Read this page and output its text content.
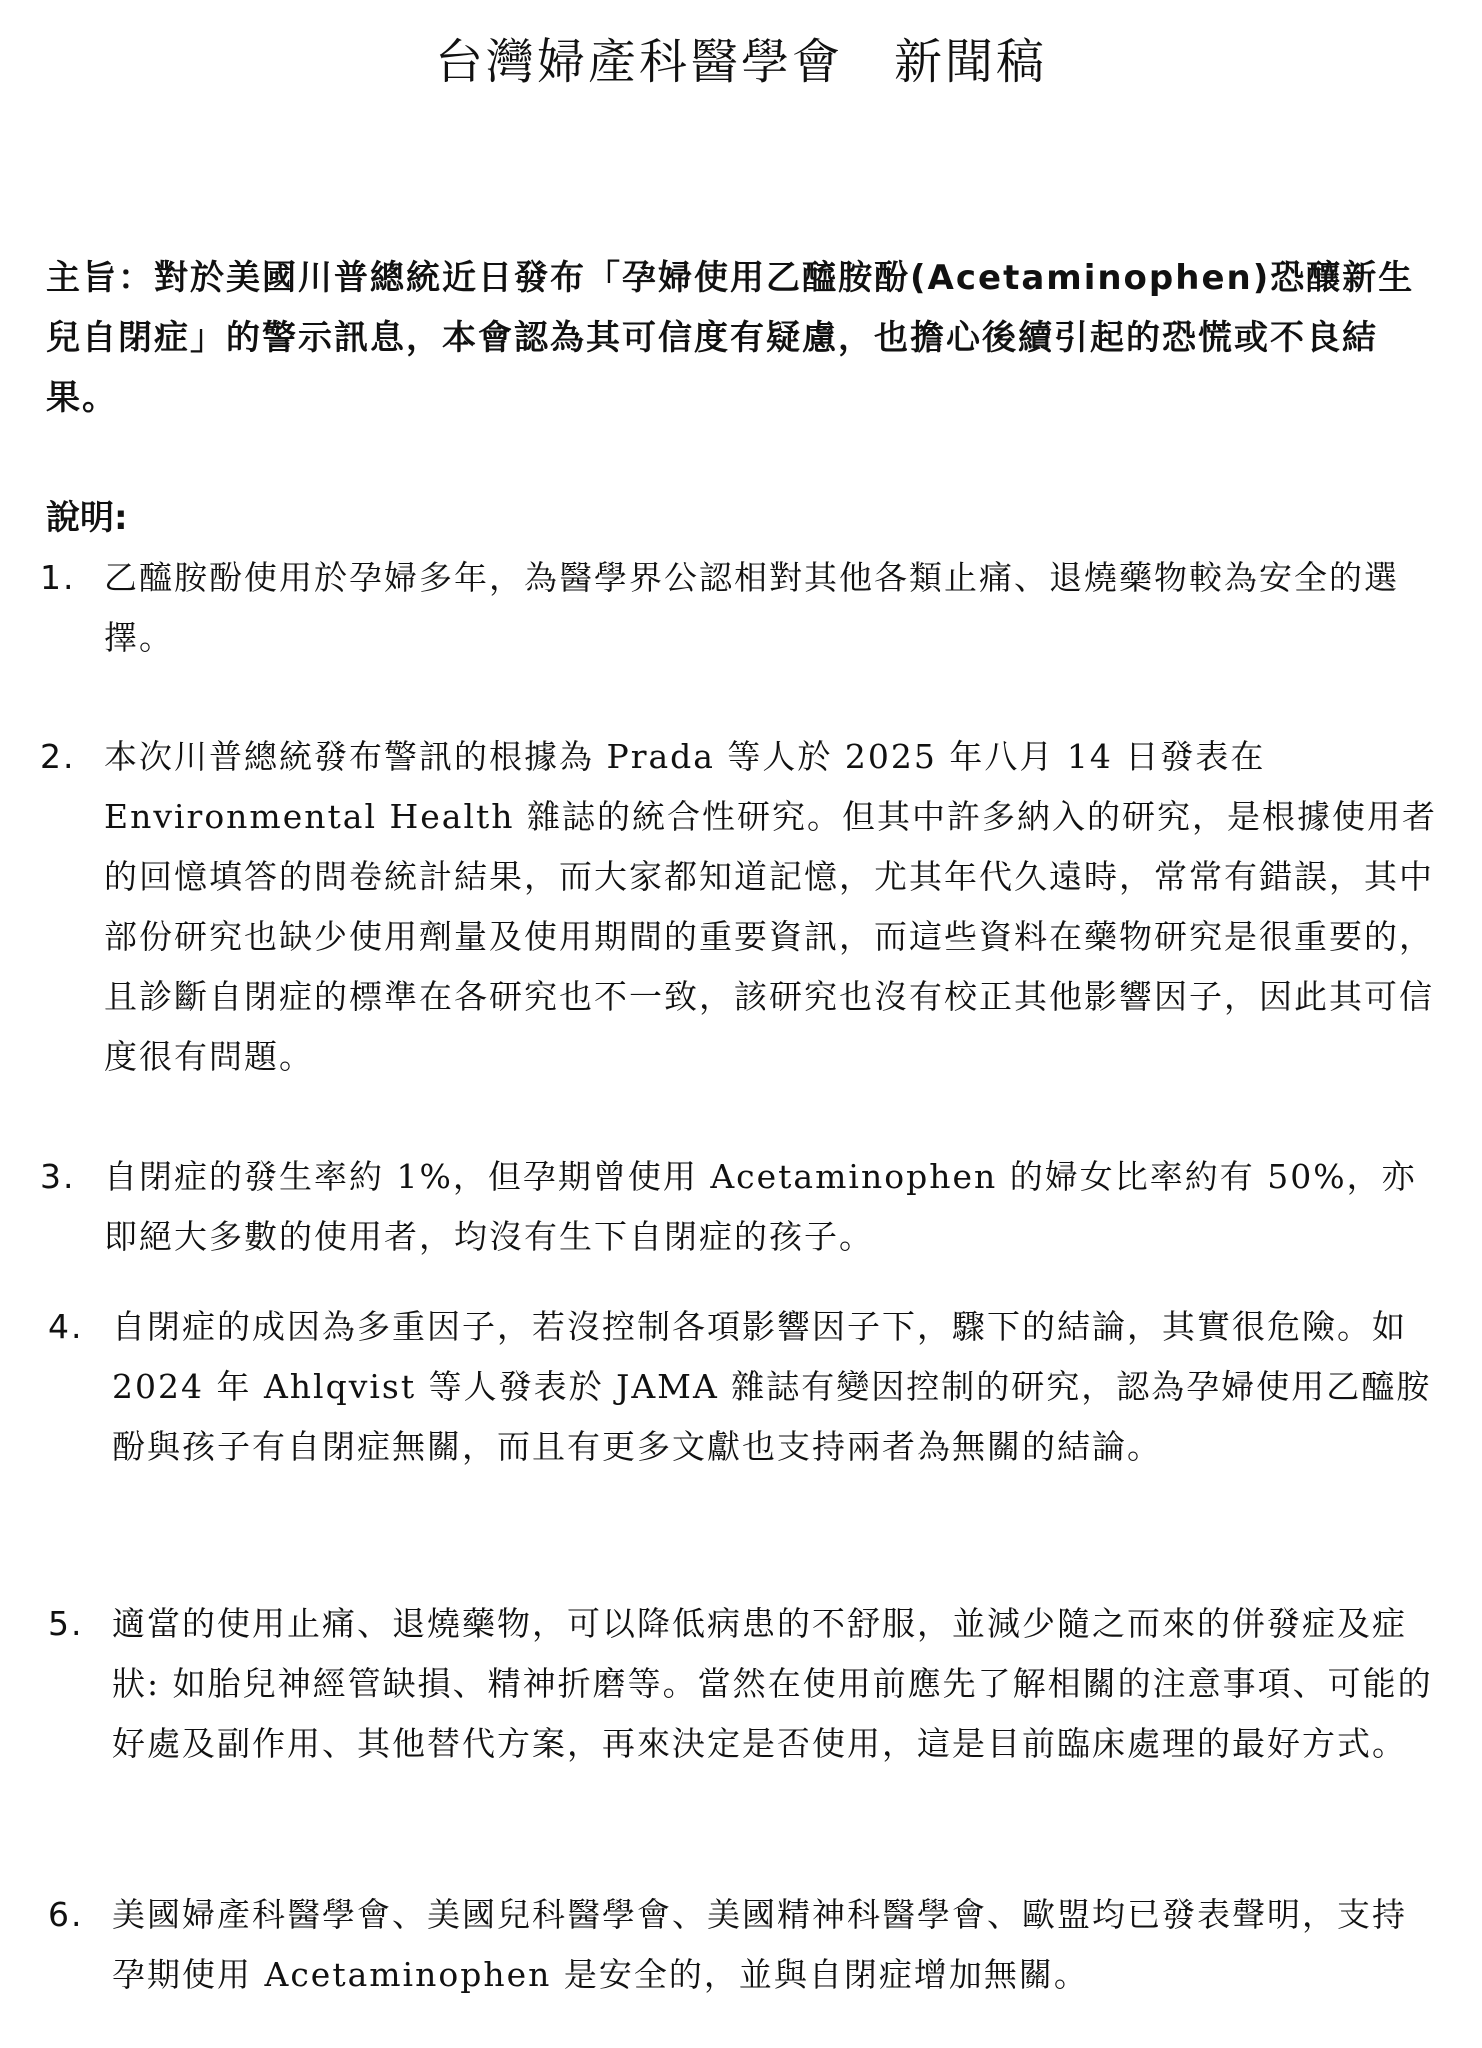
台灣婦產科醫學會　新聞稿
主旨：對於美國川普總統近日發布「孕婦使用乙醯胺酚(Acetaminophen)恐釀新生兒自閉症」的警示訊息，本會認為其可信度有疑慮，也擔心後續引起的恐慌或不良結果。
說明:
1. 乙醯胺酚使用於孕婦多年，為醫學界公認相對其他各類止痛、退燒藥物較為安全的選擇。
2. 本次川普總統發布警訊的根據為 Prada 等人於 2025 年八月 14 日發表在 Environmental Health 雜誌的統合性研究。但其中許多納入的研究，是根據使用者的回憶填答的問卷統計結果，而大家都知道記憶，尤其年代久遠時，常常有錯誤，其中部份研究也缺少使用劑量及使用期間的重要資訊，而這些資料在藥物研究是很重要的，且診斷自閉症的標準在各研究也不一致，該研究也沒有校正其他影響因子，因此其可信度很有問題。
3. 自閉症的發生率約 1%，但孕期曾使用 Acetaminophen 的婦女比率約有 50%，亦即絕大多數的使用者，均沒有生下自閉症的孩子。
4. 自閉症的成因為多重因子，若沒控制各項影響因子下，驟下的結論，其實很危險。如 2024 年 Ahlqvist 等人發表於 JAMA 雜誌有變因控制的研究，認為孕婦使用乙醯胺酚與孩子有自閉症無關，而且有更多文獻也支持兩者為無關的結論。
5. 適當的使用止痛、退燒藥物，可以降低病患的不舒服，並減少隨之而來的併發症及症狀: 如胎兒神經管缺損、精神折磨等。當然在使用前應先了解相關的注意事項、可能的好處及副作用、其他替代方案，再來決定是否使用，這是目前臨床處理的最好方式。
6. 美國婦產科醫學會、美國兒科醫學會、美國精神科醫學會、歐盟均已發表聲明，支持孕期使用 Acetaminophen 是安全的，並與自閉症增加無關。
